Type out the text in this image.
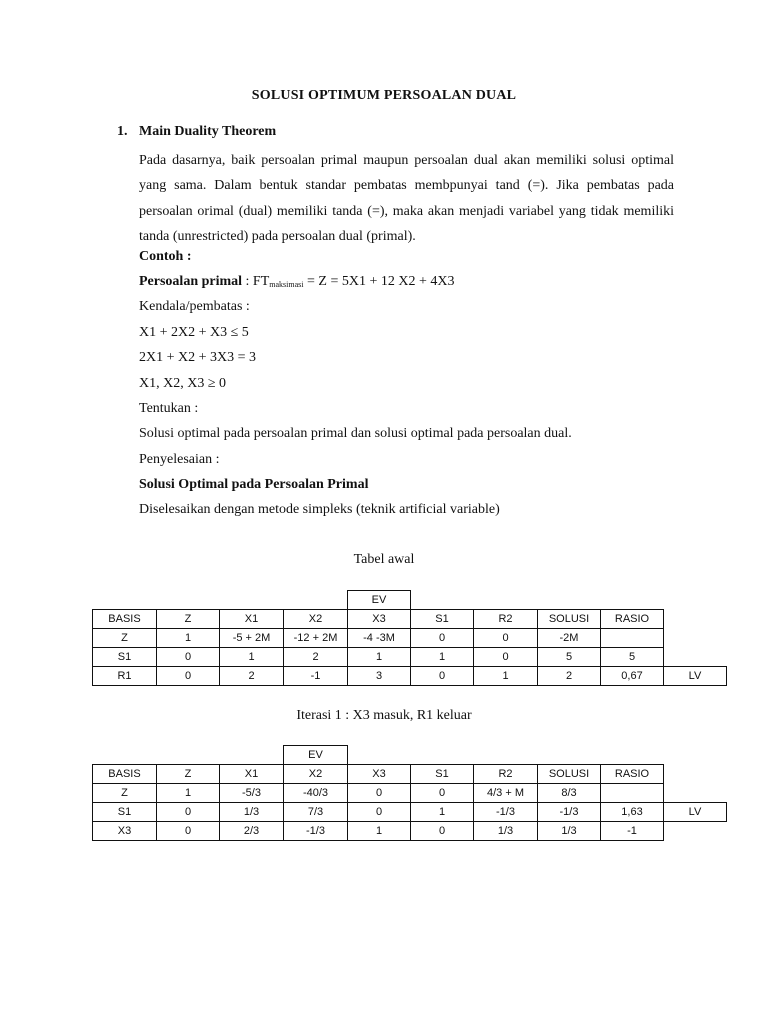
SOLUSI OPTIMUM PERSOALAN DUAL
1. Main Duality Theorem
Pada dasarnya, baik persoalan primal maupun persoalan dual akan memiliki solusi optimal yang sama. Dalam bentuk standar pembatas membpunyai tand (=). Jika pembatas pada persoalan orimal (dual) memiliki tanda (=), maka akan menjadi variabel yang tidak memiliki tanda (unrestricted) pada persoalan dual (primal).
Contoh :
Persoalan primal : $FT_{maksimasi} = Z = 5X1 + 12$ X2 + 4X3
Kendala/pembatas :
X1 + 2X2 + X3 ≤ 5
2X1 + X2 + 3X3 = 3
X1, X2, X3 ≥ 0
Tentukan :
Solusi optimal pada persoalan primal dan solusi optimal pada persoalan dual.
Penyelesaian :
Solusi Optimal pada Persoalan Primal
Diselesaikan dengan metode simpleks (teknik artificial variable)
Tabel awal
				EV					
BASIS	Z	X1	X2	X3	S1	R2	SOLUSI	RASIO	
Z	1	-5 + 2M	-12 + 2M	-4 -3M	0	0	-2M		
S1	0	1	2	1	1	0	5	5	
R1	0	2	-1	3	0	1	2	0,67	LV
Iterasi 1 : X3 masuk, R1 keluar
			EV						
BASIS	Z	X1	X2	X3	S1	R2	SOLUSI	RASIO	
Z	1	-5/3	-40/3	0	0	4/3 + M	8/3		
S1	0	1/3	7/3	0	1	-1/3	-1/3	1,63	LV
X3	0	2/3	-1/3	1	0	1/3	1/3	-1	
